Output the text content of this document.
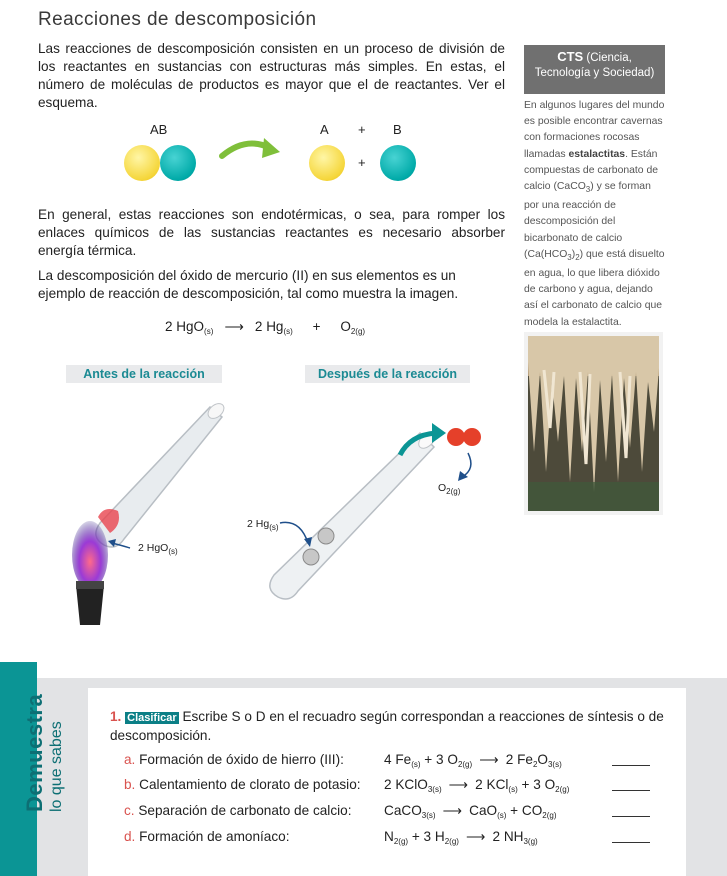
Reacciones de descomposición
Las reacciones de descomposición consisten en un proceso de división de los reactantes en sustancias con estructuras más simples. En estas, el número de moléculas de productos es mayor que el de reactantes. Ver el esquema.
AB	A + B
+
En general, estas reacciones son endotérmicas, o sea, para romper los enlaces químicos de las sustancias reactantes es necesario absorber energía térmica.
La descomposición del óxido de mercurio (II) en sus elementos es un ejemplo de reacción de descomposición, tal como muestra la imagen.
2 HgO$_{(s)}$ ⟶ 2 $Hg_{(s)} + O_{2(g)}$
Antes de la reacción	Después de la reacción
2 HgO$_{(s)}$
2 $Hg_{(s)}$
$O_{2(g)}$
CTS (Ciencia,
Tecnología y Sociedad)
En algunos lugares del mundo es posible encontrar cavernas con formaciones rocosas llamadas estalactitas. Están compuestas de carbonato de calcio (CaCO$_3$) y se forman por una reacción de descomposición del bicarbonato de calcio $(Ca(HCO_3)_2)$ que está disuelto en agua, lo que libera dióxido de carbono y agua, dejando así el carbonato de calcio que modela la estalactita.
Demuestra lo que sabes
1. Clasificar Escribe S o D en el recuadro según correspondan a reacciones de síntesis o de descomposición.
a. Formación de óxido de hierro (III):	4 $Fe_{(s)} + 3$ $O_{2(g)}$ ⟶ 2 $Fe_2O_{3(s)}$
b. Calentamiento de clorato de potasio: 2 KClO$_{3(s)}$ ⟶ 2 KCl$_{(s)}$ + 3 $O_{2(g)}$
c. Separación de carbonato de calcio: CaCO$_{3(s)}$ ⟶ $CaO_{(s)} + CO_{2(g)}$
d. Formación de amoníaco:	$N_{2(g)} + 3$ $H_{2(g)}$ ⟶ 2 $NH_{3(g)}$
